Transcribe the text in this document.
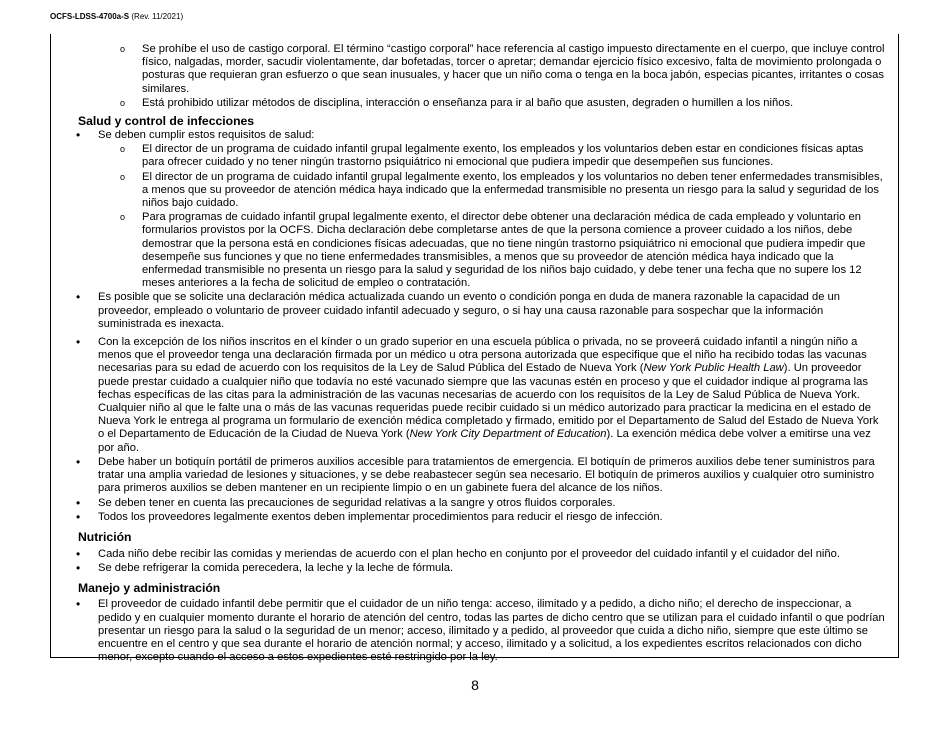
OCFS-LDSS-4700a-S (Rev. 11/2021)
o Se prohíbe el uso de castigo corporal. El término “castigo corporal” hace referencia al castigo impuesto directamente en el cuerpo, que incluye control físico, nalgadas, morder, sacudir violentamente, dar bofetadas, torcer o apretar; demandar ejercicio físico excesivo, falta de movimiento prolongada o posturas que requieran gran esfuerzo o que sean inusuales, y hacer que un niño coma o tenga en la boca jabón, especias picantes, irritantes o cosas similares.
o Está prohibido utilizar métodos de disciplina, interacción o enseñanza para ir al baño que asusten, degraden o humillen a los niños.
Salud y control de infecciones
• Se deben cumplir estos requisitos de salud:
o El director de un programa de cuidado infantil grupal legalmente exento, los empleados y los voluntarios deben estar en condiciones físicas aptas para ofrecer cuidado y no tener ningún trastorno psiquiátrico ni emocional que pudiera impedir que desempeñen sus funciones.
o El director de un programa de cuidado infantil grupal legalmente exento, los empleados y los voluntarios no deben tener enfermedades transmisibles, a menos que su proveedor de atención médica haya indicado que la enfermedad transmisible no presenta un riesgo para la salud y seguridad de los niños bajo cuidado.
o Para programas de cuidado infantil grupal legalmente exento, el director debe obtener una declaración médica de cada empleado y voluntario en formularios provistos por la OCFS. Dicha declaración debe completarse antes de que la persona comience a proveer cuidado a los niños, debe demostrar que la persona está en condiciones físicas adecuadas, que no tiene ningún trastorno psiquiátrico ni emocional que pudiera impedir que desempeñe sus funciones y que no tiene enfermedades transmisibles, a menos que su proveedor de atención médica haya indicado que la enfermedad transmisible no presenta un riesgo para la salud y seguridad de los niños bajo cuidado, y debe tener una fecha que no supere los 12 meses anteriores a la fecha de solicitud de empleo o contratación.
• Es posible que se solicite una declaración médica actualizada cuando un evento o condición ponga en duda de manera razonable la capacidad de un proveedor, empleado o voluntario de proveer cuidado infantil adecuado y seguro, o si hay una causa razonable para sospechar que la información suministrada es inexacta.
• Con la excepción de los niños inscritos en el kínder o un grado superior en una escuela pública o privada, no se proveerá cuidado infantil a ningún niño a menos que el proveedor tenga una declaración firmada por un médico u otra persona autorizada que especifique que el niño ha recibido todas las vacunas necesarias para su edad de acuerdo con los requisitos de la Ley de Salud Pública del Estado de Nueva York (New York Public Health Law). Un proveedor puede prestar cuidado a cualquier niño que todavía no esté vacunado siempre que las vacunas estén en proceso y que el cuidador indique al programa las fechas específicas de las citas para la administración de las vacunas necesarias de acuerdo con los requisitos de la Ley de Salud Pública de Nueva York. Cualquier niño al que le falte una o más de las vacunas requeridas puede recibir cuidado si un médico autorizado para practicar la medicina en el estado de Nueva York le entrega al programa un formulario de exención médica completado y firmado, emitido por el Departamento de Salud del Estado de Nueva York o el Departamento de Educación de la Ciudad de Nueva York (New York City Department of Education). La exención médica debe volver a emitirse una vez por año.
• Debe haber un botiquín portátil de primeros auxilios accesible para tratamientos de emergencia. El botiquín de primeros auxilios debe tener suministros para tratar una amplia variedad de lesiones y situaciones, y se debe reabastecer según sea necesario. El botiquín de primeros auxilios y cualquier otro suministro para primeros auxilios se deben mantener en un recipiente limpio o en un gabinete fuera del alcance de los niños.
• Se deben tener en cuenta las precauciones de seguridad relativas a la sangre y otros fluidos corporales.
• Todos los proveedores legalmente exentos deben implementar procedimientos para reducir el riesgo de infección.
Nutrición
• Cada niño debe recibir las comidas y meriendas de acuerdo con el plan hecho en conjunto por el proveedor del cuidado infantil y el cuidador del niño.
• Se debe refrigerar la comida perecedera, la leche y la leche de fórmula.
Manejo y administración
• El proveedor de cuidado infantil debe permitir que el cuidador de un niño tenga: acceso, ilimitado y a pedido, a dicho niño; el derecho de inspeccionar, a pedido y en cualquier momento durante el horario de atención del centro, todas las partes de dicho centro que se utilizan para el cuidado infantil o que podrían presentar un riesgo para la salud o la seguridad de un menor; acceso, ilimitado y a pedido, al proveedor que cuida a dicho niño, siempre que este último se encuentre en el centro y que sea durante el horario de atención normal; y acceso, ilimitado y a solicitud, a los expedientes escritos relacionados con dicho menor, excepto cuando el acceso a estos expedientes esté restringido por la ley.
8
